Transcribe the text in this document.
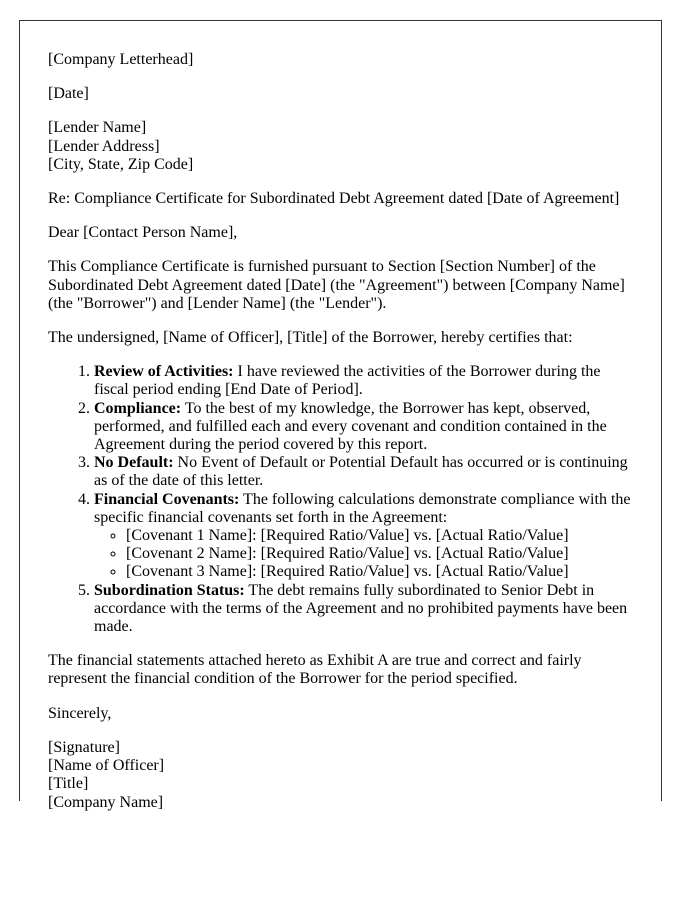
[Company Letterhead]

[Date]

[Lender Name]
[Lender Address]
[City, State, Zip Code]

Re: Compliance Certificate for Subordinated Debt Agreement dated [Date of Agreement]

Dear [Contact Person Name],

This Compliance Certificate is furnished pursuant to Section [Section Number] of the Subordinated Debt Agreement dated [Date] (the "Agreement") between [Company Name] (the "Borrower") and [Lender Name] (the "Lender").

The undersigned, [Name of Officer], [Title] of the Borrower, hereby certifies that:

1. Review of Activities: I have reviewed the activities of the Borrower during the fiscal period ending [End Date of Period].
2. Compliance: To the best of my knowledge, the Borrower has kept, observed, performed, and fulfilled each and every covenant and condition contained in the Agreement during the period covered by this report.
3. No Default: No Event of Default or Potential Default has occurred or is continuing as of the date of this letter.
4. Financial Covenants: The following calculations demonstrate compliance with the specific financial covenants set forth in the Agreement:
◦ [Covenant 1 Name]: [Required Ratio/Value] vs. [Actual Ratio/Value]
◦ [Covenant 2 Name]: [Required Ratio/Value] vs. [Actual Ratio/Value]
◦ [Covenant 3 Name]: [Required Ratio/Value] vs. [Actual Ratio/Value]
5. Subordination Status: The debt remains fully subordinated to Senior Debt in accordance with the terms of the Agreement and no prohibited payments have been made.

The financial statements attached hereto as Exhibit A are true and correct and fairly represent the financial condition of the Borrower for the period specified.

Sincerely,

[Signature]
[Name of Officer]
[Title]
[Company Name]
